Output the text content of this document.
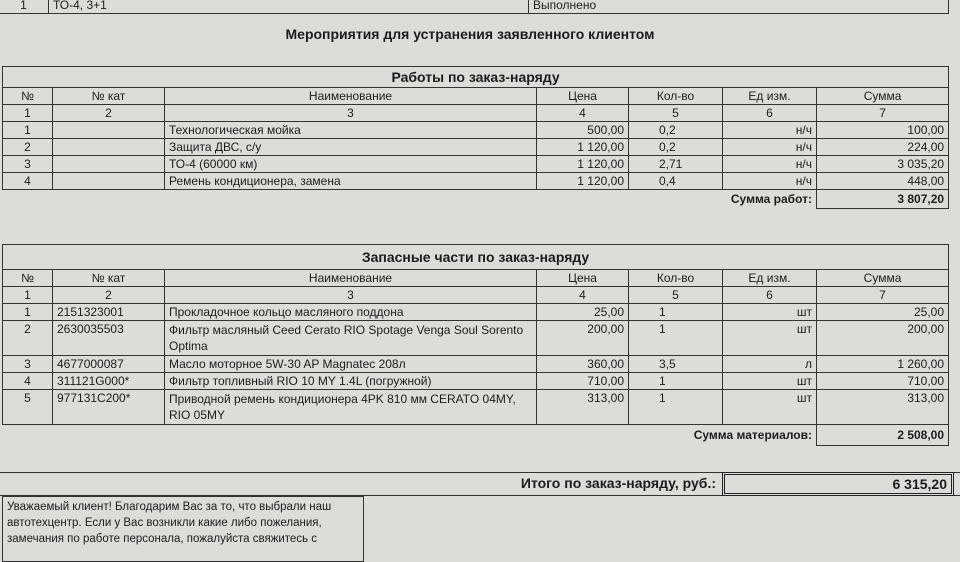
1	ТО-4, 3+1	Выполнено
Мероприятия для устранения заявленного клиентом
Работы по заказ-наряду						
№	№ кат	Наименование	Цена	Кол-во	Ед изм.	Сумма
1	2	3	4	5	6	7
1		Технологическая мойка	500,00	0,2	н/ч	100,00
2		Защита ДВС, с/у	1 120,00	0,2	н/ч	224,00
3		ТО-4 (60000 км)	1 120,00	2,71	н/ч	3 035,20
4		Ремень кондиционера, замена	1 120,00	0,4	н/ч	448,00
Сумма работ:						3 807,20
Запасные части по заказ-наряду						
№	№ кат	Наименование	Цена	Кол-во	Ед изм.	Сумма
1	2	3	4	5	6	7
1	2151323001	Прокладочное кольцо масляного поддона	25,00	1	шт	25,00
2	2630035503	Фильтр масляный Ceed Cerato RIO Spotage Venga Soul Sorento Optima	200,00	1	шт	200,00
3	4677000087	Масло моторное 5W-30 AP Magnatec 208л	360,00	3,5	л	1 260,00
4	311121G000*	Фильтр топливный RIO 10 MY 1.4L (погружной)	710,00	1	шт	710,00
5	977131C200*	Приводной ремень кондиционера 4PK 810 мм CERATO 04MY, RIO 05MY	313,00	1	шт	313,00
Сумма материалов:						2 508,00
Итого по заказ-наряду, руб.:	6 315,20
Уважаемый клиент! Благодарим Вас за то, что выбрали наш автотехцентр. Если у Вас возникли какие либо пожелания, замечания по работе персонала, пожалуйста свяжитесь с
